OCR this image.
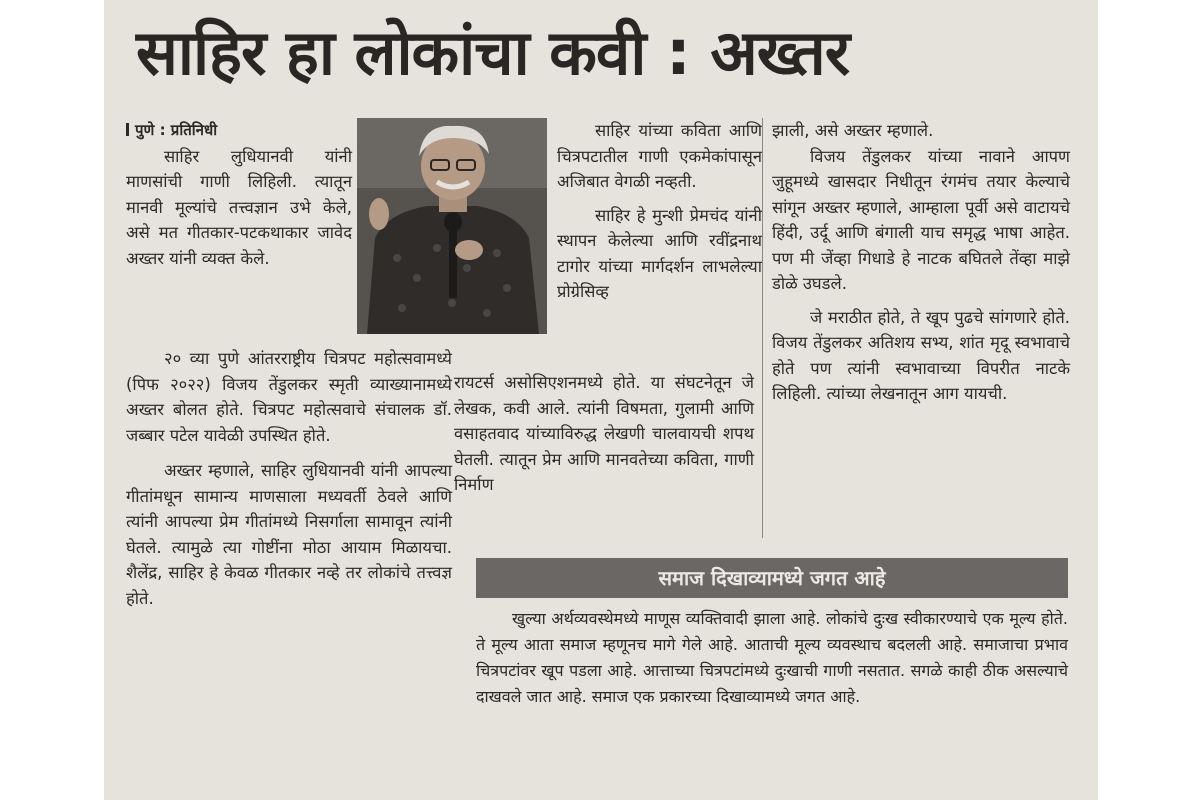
साहिर हा लोकांचा कवी : अख्तर

पुणे : प्रतिनिधी

साहिर लुधियानवी यांनी माणसांची गाणी लिहिली. त्यातून मानवी मूल्यांचे तत्त्वज्ञान उभे केले, असे मत गीतकार-पटकथाकार जावेद अख्तर यांनी व्यक्त केले.

२० व्या पुणे आंतरराष्ट्रीय चित्रपट महोत्सवामध्ये (पिफ २०२२) विजय तेंडुलकर स्मृती व्याख्यानामध्ये अख्तर बोलत होते. चित्रपट महोत्सवाचे संचालक डॉ. जब्बार पटेल यावेळी उपस्थित होते.

अख्तर म्हणाले, साहिर लुधियानवी यांनी आपल्या गीतांमधून सामान्य माणसाला मध्यवर्ती ठेवले आणि त्यांनी आपल्या प्रेम गीतांमध्ये निसर्गाला सामावून त्यांनी घेतले. त्यामुळे त्या गोष्टींना मोठा आयाम मिळायचा. शैलेंद्र, साहिर हे केवळ गीतकार नव्हे तर लोकांचे तत्त्वज्ञ होते.

साहिर यांच्या कविता आणि चित्रपटातील गाणी एकमेकांपासून अजिबात वेगळी नव्हती.

साहिर हे मुन्शी प्रेमचंद यांनी स्थापन केलेल्या आणि रवींद्रनाथ टागोर यांच्या मार्गदर्शन लाभलेल्या प्रोग्रेसिव्ह

रायटर्स असोसिएशनमध्ये होते. या संघटनेतून जे लेखक, कवी आले. त्यांनी विषमता, गुलामी आणि वसाहतवाद यांच्याविरुद्ध लेखणी चालवायची शपथ घेतली. त्यातून प्रेम आणि मानवतेच्या कविता, गाणी निर्माण

झाली, असे अख्तर म्हणाले.

विजय तेंडुलकर यांच्या नावाने आपण जुहूमध्ये खासदार निधीतून रंगमंच तयार केल्याचे सांगून अख्तर म्हणाले, आम्हाला पूर्वी असे वाटायचे हिंदी, उर्दू आणि बंगाली याच समृद्ध भाषा आहेत. पण मी जेंव्हा गिधाडे हे नाटक बघितले तेंव्हा माझे डोळे उघडले.

जे मराठीत होते, ते खूप पुढचे सांगणारे होते. विजय तेंडुलकर अतिशय सभ्य, शांत मृदू स्वभावाचे होते पण त्यांनी स्वभावाच्या विपरीत नाटके लिहिली. त्यांच्या लेखनातून आग यायची.

समाज दिखाव्यामध्ये जगत आहे

खुल्या अर्थव्यवस्थेमध्ये माणूस व्यक्तिवादी झाला आहे. लोकांचे दुःख स्वीकारण्याचे एक मूल्य होते. ते मूल्य आता समाज म्हणूनच मागे गेले आहे. आताची मूल्य व्यवस्थाच बदलली आहे. समाजाचा प्रभाव चित्रपटांवर खूप पडला आहे. आत्ताच्या चित्रपटांमध्ये दुःखाची गाणी नसतात. सगळे काही ठीक असल्याचे दाखवले जात आहे. समाज एक प्रकारच्या दिखाव्यामध्ये जगत आहे.
